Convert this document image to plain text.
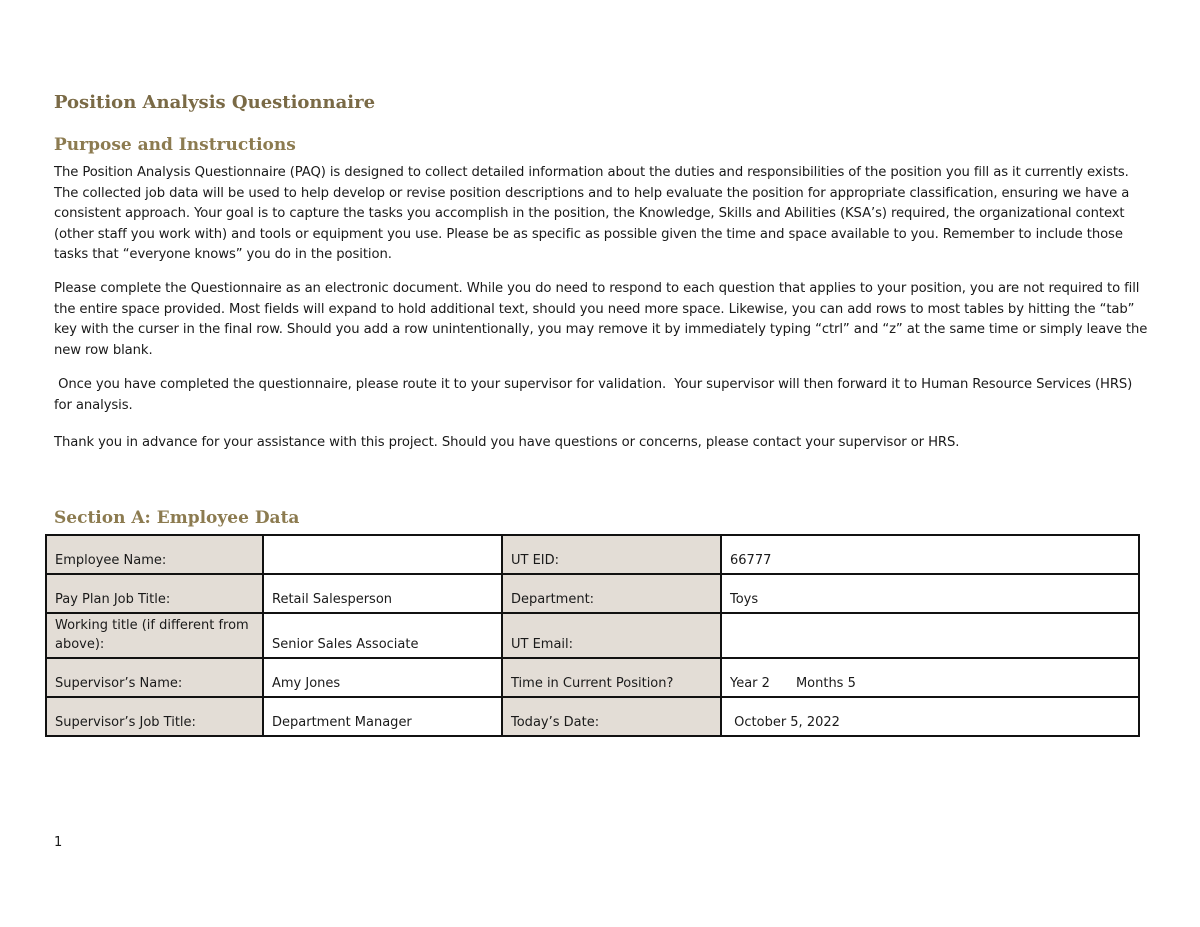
Position Analysis Questionnaire
Purpose and Instructions

The Position Analysis Questionnaire (PAQ) is designed to collect detailed information about the duties and responsibilities of the position you fill as it currently exists. The collected job data will be used to help develop or revise position descriptions and to help evaluate the position for appropriate classification, ensuring we have a consistent approach. Your goal is to capture the tasks you accomplish in the position, the Knowledge, Skills and Abilities (KSA’s) required, the organizational context (other staff you work with) and tools or equipment you use. Please be as specific as possible given the time and space available to you. Remember to include those tasks that “everyone knows” you do in the position.

Please complete the Questionnaire as an electronic document. While you do need to respond to each question that applies to your position, you are not required to fill the entire space provided. Most fields will expand to hold additional text, should you need more space. Likewise, you can add rows to most tables by hitting the “tab” key with the curser in the final row. Should you add a row unintentionally, you may remove it by immediately typing “ctrl” and “z” at the same time or simply leave the new row blank.

Once you have completed the questionnaire, please route it to your supervisor for validation.  Your supervisor will then forward it to Human Resource Services (HRS) for analysis.

Thank you in advance for your assistance with this project. Should you have questions or concerns, please contact your supervisor or HRS.

Section A: Employee Data
Employee Name:		UT EID:	66777
Pay Plan Job Title:	Retail Salesperson	Department:	Toys
Working title (if different from above):	Senior Sales Associate	UT Email:	
Supervisor’s Name:	Amy Jones	Time in Current Position?	Year 2 Months 5
Supervisor’s Job Title:	Department Manager	Today’s Date:	October 5, 2022
1
